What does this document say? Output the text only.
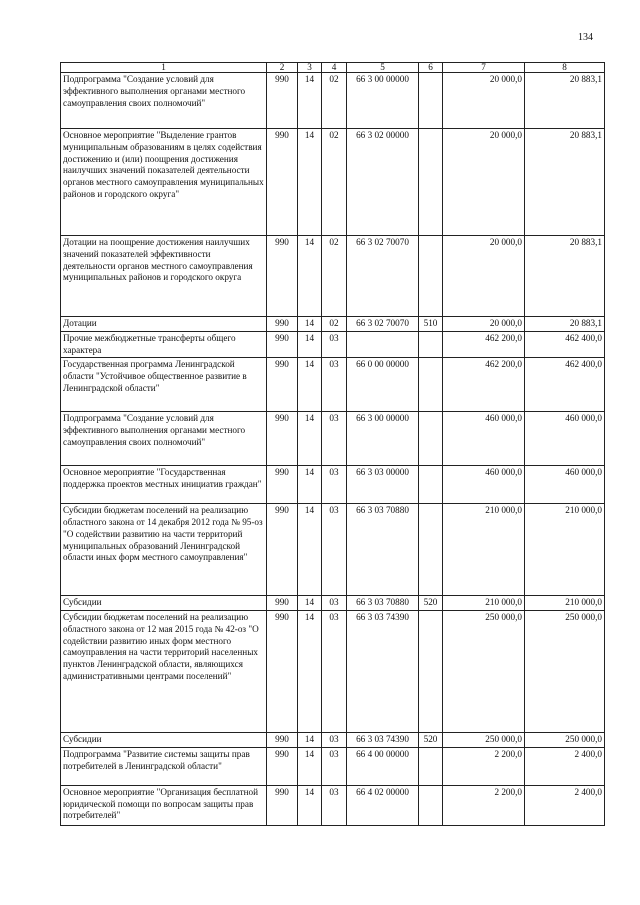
134
1	2	3	4	5	6	7	8
Подпрограмма "Создание условий для эффективного выполнения органами местного самоуправления своих полномочий"	990	14	02	66 3 00 00000		20 000,0	20 883,1
Основное мероприятие "Выделение грантов муниципальным образованиям в целях содействия достижению и (или) поощрения достижения наилучших значений показателей деятельности органов местного самоуправления муниципальных районов и городского округа"	990	14	02	66 3 02 00000		20 000,0	20 883,1
Дотации на поощрение достижения наилучших значений показателей эффективности деятельности органов местного самоуправления муниципальных районов и городского округа	990	14	02	66 3 02 70070		20 000,0	20 883,1
Дотации	990	14	02	66 3 02 70070	510	20 000,0	20 883,1
Прочие межбюджетные трансферты общего характера	990	14	03			462 200,0	462 400,0
Государственная программа Ленинградской области "Устойчивое общественное развитие в Ленинградской области"	990	14	03	66 0 00 00000		462 200,0	462 400,0
Подпрограмма "Создание условий для эффективного выполнения органами местного самоуправления своих полномочий"	990	14	03	66 3 00 00000		460 000,0	460 000,0
Основное мероприятие "Государственная поддержка проектов местных инициатив граждан"	990	14	03	66 3 03 00000		460 000,0	460 000,0
Субсидии бюджетам поселений на реализацию областного закона от 14 декабря 2012 года № 95-оз "О содействии развитию на части территорий муниципальных образований Ленинградской области иных форм местного самоуправления"	990	14	03	66 3 03 70880		210 000,0	210 000,0
Субсидии	990	14	03	66 3 03 70880	520	210 000,0	210 000,0
Субсидии бюджетам поселений на реализацию областного закона от 12 мая 2015 года № 42-оз "О содействии развитию иных форм местного самоуправления на части территорий населенных пунктов Ленинградской области, являющихся административными центрами поселений"	990	14	03	66 3 03 74390		250 000,0	250 000,0
Субсидии	990	14	03	66 3 03 74390	520	250 000,0	250 000,0
Подпрограмма "Развитие системы защиты прав потребителей в Ленинградской области"	990	14	03	66 4 00 00000		2 200,0	2 400,0
Основное мероприятие "Организация бесплатной юридической помощи по вопросам защиты прав потребителей"	990	14	03	66 4 02 00000		2 200,0	2 400,0
